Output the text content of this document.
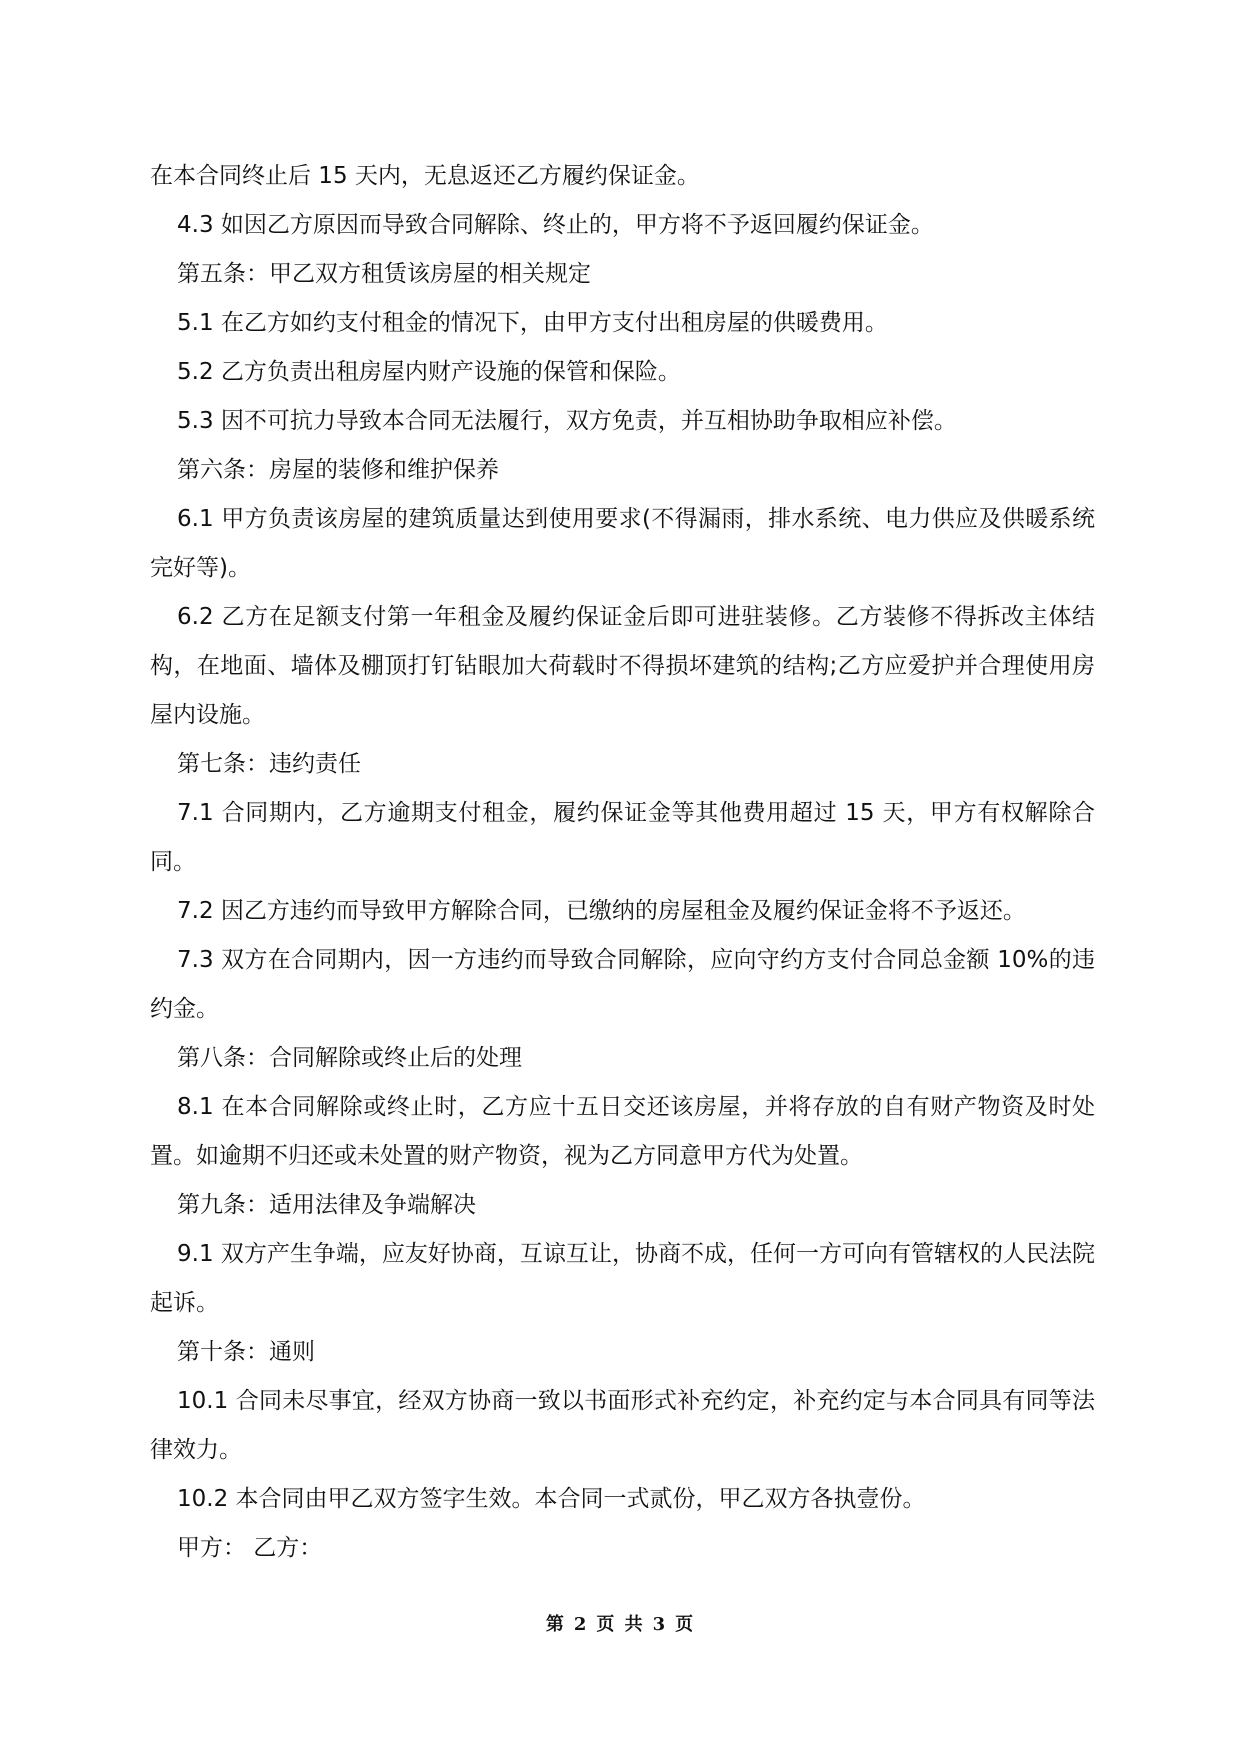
在本合同终止后 15 天内，无息返还乙方履约保证金。

4.3 如因乙方原因而导致合同解除、终止的，甲方将不予返回履约保证金。

第五条：甲乙双方租赁该房屋的相关规定

5.1 在乙方如约支付租金的情况下，由甲方支付出租房屋的供暖费用。

5.2 乙方负责出租房屋内财产设施的保管和保险。

5.3 因不可抗力导致本合同无法履行，双方免责，并互相协助争取相应补偿。

第六条：房屋的装修和维护保养

6.1 甲方负责该房屋的建筑质量达到使用要求(不得漏雨，排水系统、电力供应及供暖系统完好等)。

6.2 乙方在足额支付第一年租金及履约保证金后即可进驻装修。乙方装修不得拆改主体结构，在地面、墙体及棚顶打钉钻眼加大荷载时不得损坏建筑的结构;乙方应爱护并合理使用房屋内设施。

第七条：违约责任

7.1 合同期内，乙方逾期支付租金，履约保证金等其他费用超过 15 天，甲方有权解除合同。

7.2 因乙方违约而导致甲方解除合同，已缴纳的房屋租金及履约保证金将不予返还。

7.3 双方在合同期内，因一方违约而导致合同解除，应向守约方支付合同总金额 10%的违约金。

第八条：合同解除或终止后的处理

8.1 在本合同解除或终止时，乙方应十五日交还该房屋，并将存放的自有财产物资及时处置。如逾期不归还或未处置的财产物资，视为乙方同意甲方代为处置。

第九条：适用法律及争端解决

9.1 双方产生争端，应友好协商，互谅互让，协商不成，任何一方可向有管辖权的人民法院起诉。

第十条：通则

10.1 合同未尽事宜，经双方协商一致以书面形式补充约定，补充约定与本合同具有同等法律效力。

10.2 本合同由甲乙双方签字生效。本合同一式贰份，甲乙双方各执壹份。

甲方： 乙方：

第 2 页 共 3 页
